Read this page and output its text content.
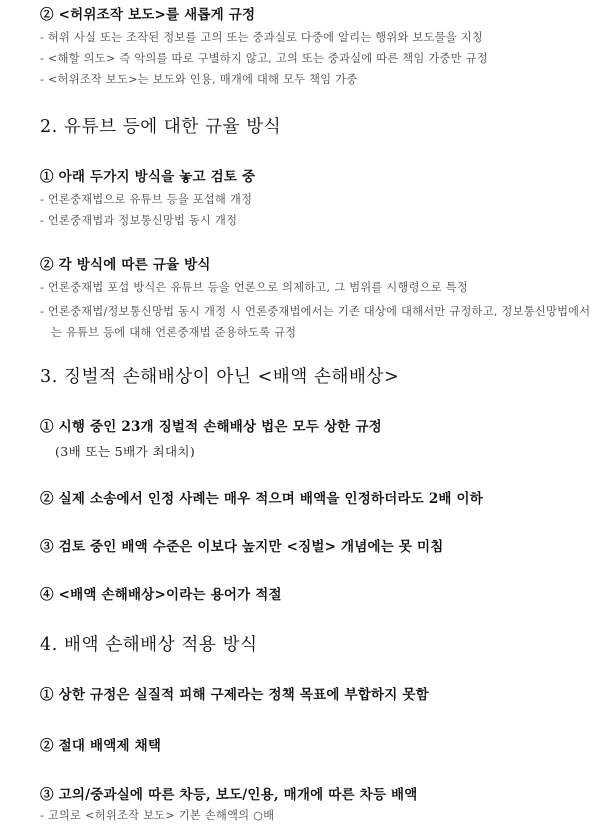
② <허위조작 보도>를 새롭게 규정
- 허위 사실 또는 조작된 정보를 고의 또는 중과실로 다중에 알리는 행위와 보도물을 지칭
- <해할 의도> 즉 악의를 따로 구별하지 않고, 고의 또는 중과실에 따른 책임 가중만 규정
- <허위조작 보도>는 보도와 인용, 매개에 대해 모두 책임 가중
2. 유튜브 등에 대한 규율 방식
① 아래 두가지 방식을 놓고 검토 중
- 언론중재법으로 유튜브 등을 포섭해 개정
- 언론중재법과 정보통신망법 동시 개정
② 각 방식에 따른 규율 방식
- 언론중재법 포섭 방식은 유튜브 등을 언론으로 의제하고, 그 범위를 시행령으로 특정
- 언론중재법/정보통신망법 동시 개정 시 언론중재법에서는 기존 대상에 대해서만 규정하고, 정보통신망법에서는 유튜브 등에 대해 언론중재법 준용하도록 규정
3. 징벌적 손해배상이 아닌 <배액 손해배상>
① 시행 중인 23개 징벌적 손해배상 법은 모두 상한 규정
(3배 또는 5배가 최대치)
② 실제 소송에서 인정 사례는 매우 적으며 배액을 인정하더라도 2배 이하
③ 검토 중인 배액 수준은 이보다 높지만 <징벌> 개념에는 못 미침
④ <배액 손해배상>이라는 용어가 적절
4. 배액 손해배상 적용 방식
① 상한 규정은 실질적 피해 구제라는 정책 목표에 부합하지 못함
② 절대 배액제 채택
③ 고의/중과실에 따른 차등, 보도/인용, 매개에 따른 차등 배액
- 고의로 <허위조작 보도> 기본 손해액의 ○배
